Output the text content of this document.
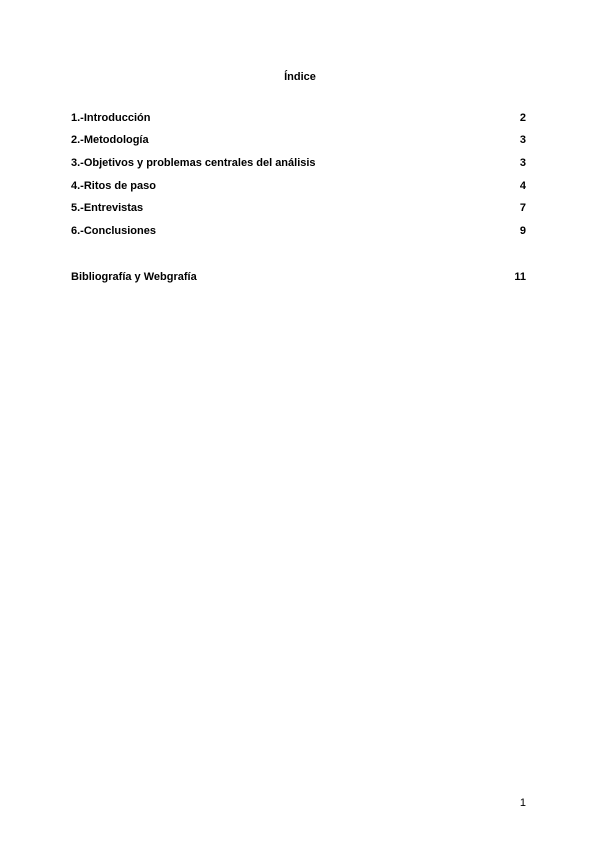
Índice
1.-Introducción	2
2.-Metodología	3
3.-Objetivos y problemas centrales del análisis	3
4.-Ritos de paso	4
5.-Entrevistas	7
6.-Conclusiones	9
Bibliografía y Webgrafía	11
1
